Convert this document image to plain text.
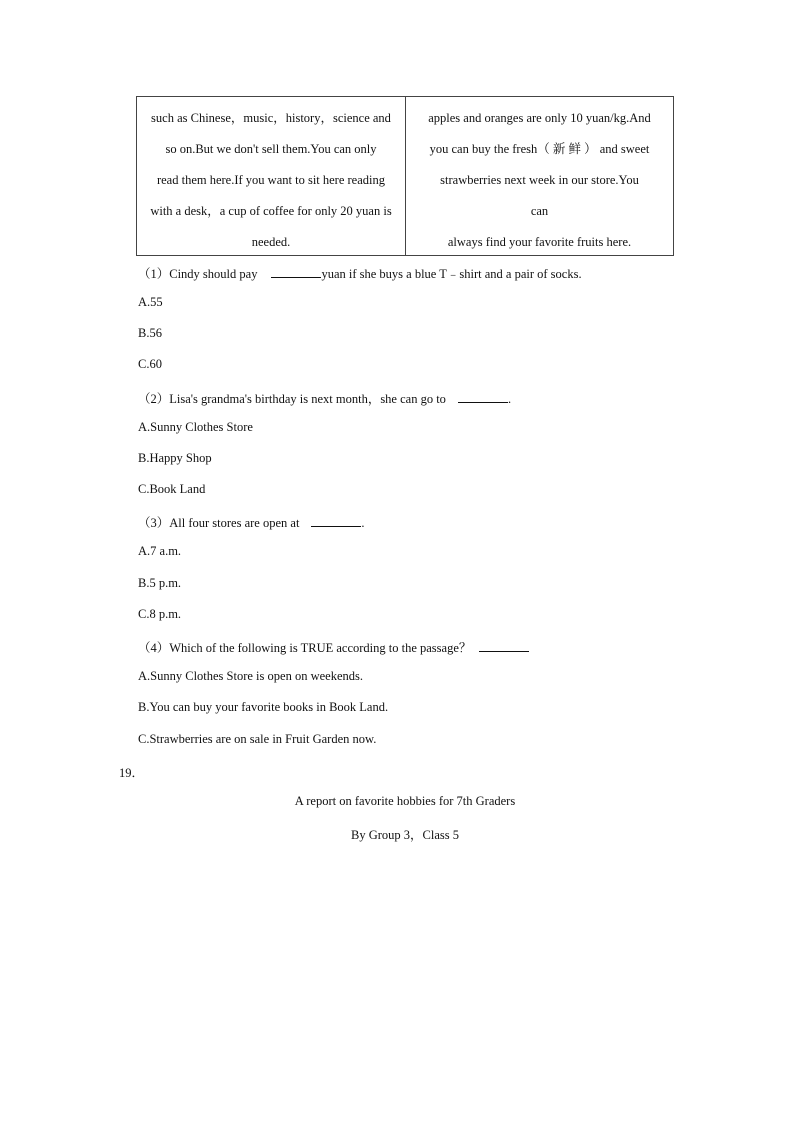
such as Chinese，music，history，science and
so on.But we don't sell them.You can only
read them here.If you want to sit here reading
with a desk，a cup of coffee for only 20 yuan is
needed.
apples and oranges are only 10 yuan/kg.And
you can buy the fresh（ 新 鲜 ） and sweet
strawberries next week in our store.You
can
always find your favorite fruits here.
（1）Cindy should pay	yuan if she buys a blue T﹣shirt and a pair of socks.
A.55
B.56
C.60
（2）Lisa's grandma's birthday is next month，she can go to	.
A.Sunny Clothes Store
B.Happy Shop
C.Book Land
（3）All four stores are open at	.
A.7 a.m.
B.5 p.m.
C.8 p.m.
（4）Which of the following is TRUE according to the passage？
A.Sunny Clothes Store is open on weekends.
B.You can buy your favorite books in Book Land.
C.Strawberries are on sale in Fruit Garden now.
19．
A report on favorite hobbies for 7th Graders
By Group 3，Class 5
